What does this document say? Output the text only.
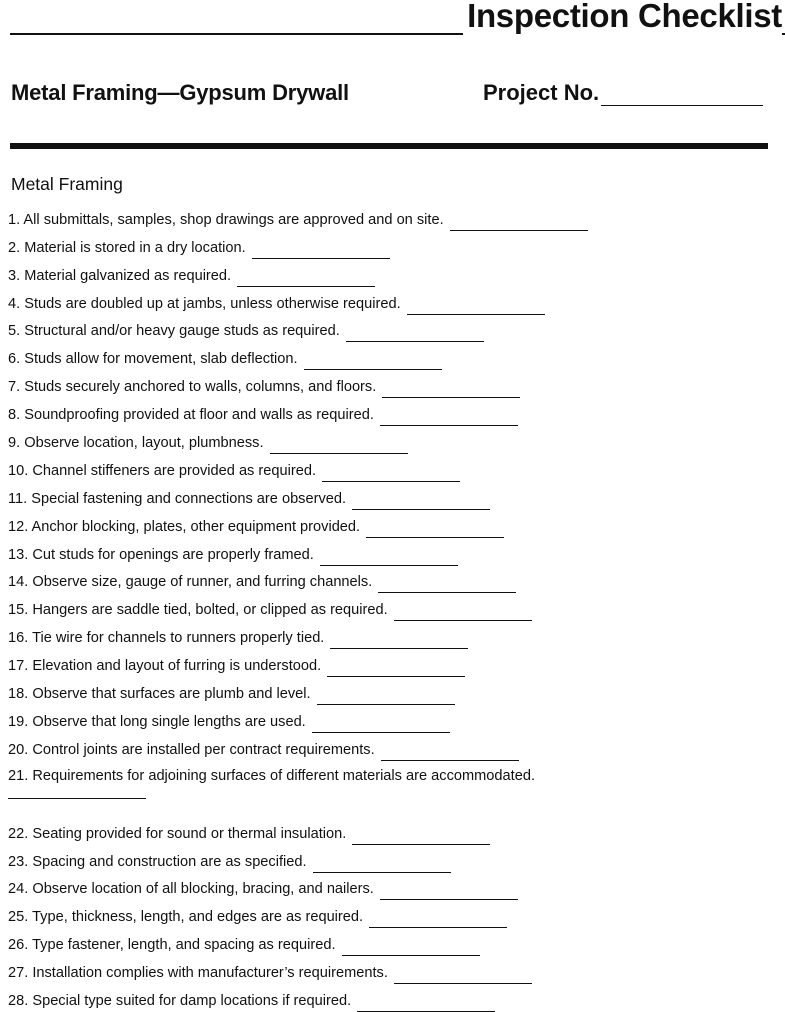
Inspection Checklist
Metal Framing—Gypsum Drywall	Project No.
Metal Framing
1. All submittals, samples, shop drawings are approved and on site.
2. Material is stored in a dry location.
3. Material galvanized as required.
4. Studs are doubled up at jambs, unless otherwise required.
5. Structural and/or heavy gauge studs as required.
6. Studs allow for movement, slab deflection.
7. Studs securely anchored to walls, columns, and floors.
8. Soundproofing provided at floor and walls as required.
9. Observe location, layout, plumbness.
10. Channel stiffeners are provided as required.
11. Special fastening and connections are observed.
12. Anchor blocking, plates, other equipment provided.
13. Cut studs for openings are properly framed.
14. Observe size, gauge of runner, and furring channels.
15. Hangers are saddle tied, bolted, or clipped as required.
16. Tie wire for channels to runners properly tied.
17. Elevation and layout of furring is understood.
18. Observe that surfaces are plumb and level.
19. Observe that long single lengths are used.
20. Control joints are installed per contract requirements.
21. Requirements for adjoining surfaces of different materials are accommodated.
22. Seating provided for sound or thermal insulation.
23. Spacing and construction are as specified.
24. Observe location of all blocking, bracing, and nailers.
25. Type, thickness, length, and edges are as required.
26. Type fastener, length, and spacing as required.
27. Installation complies with manufacturer’s requirements.
28. Special type suited for damp locations if required.
